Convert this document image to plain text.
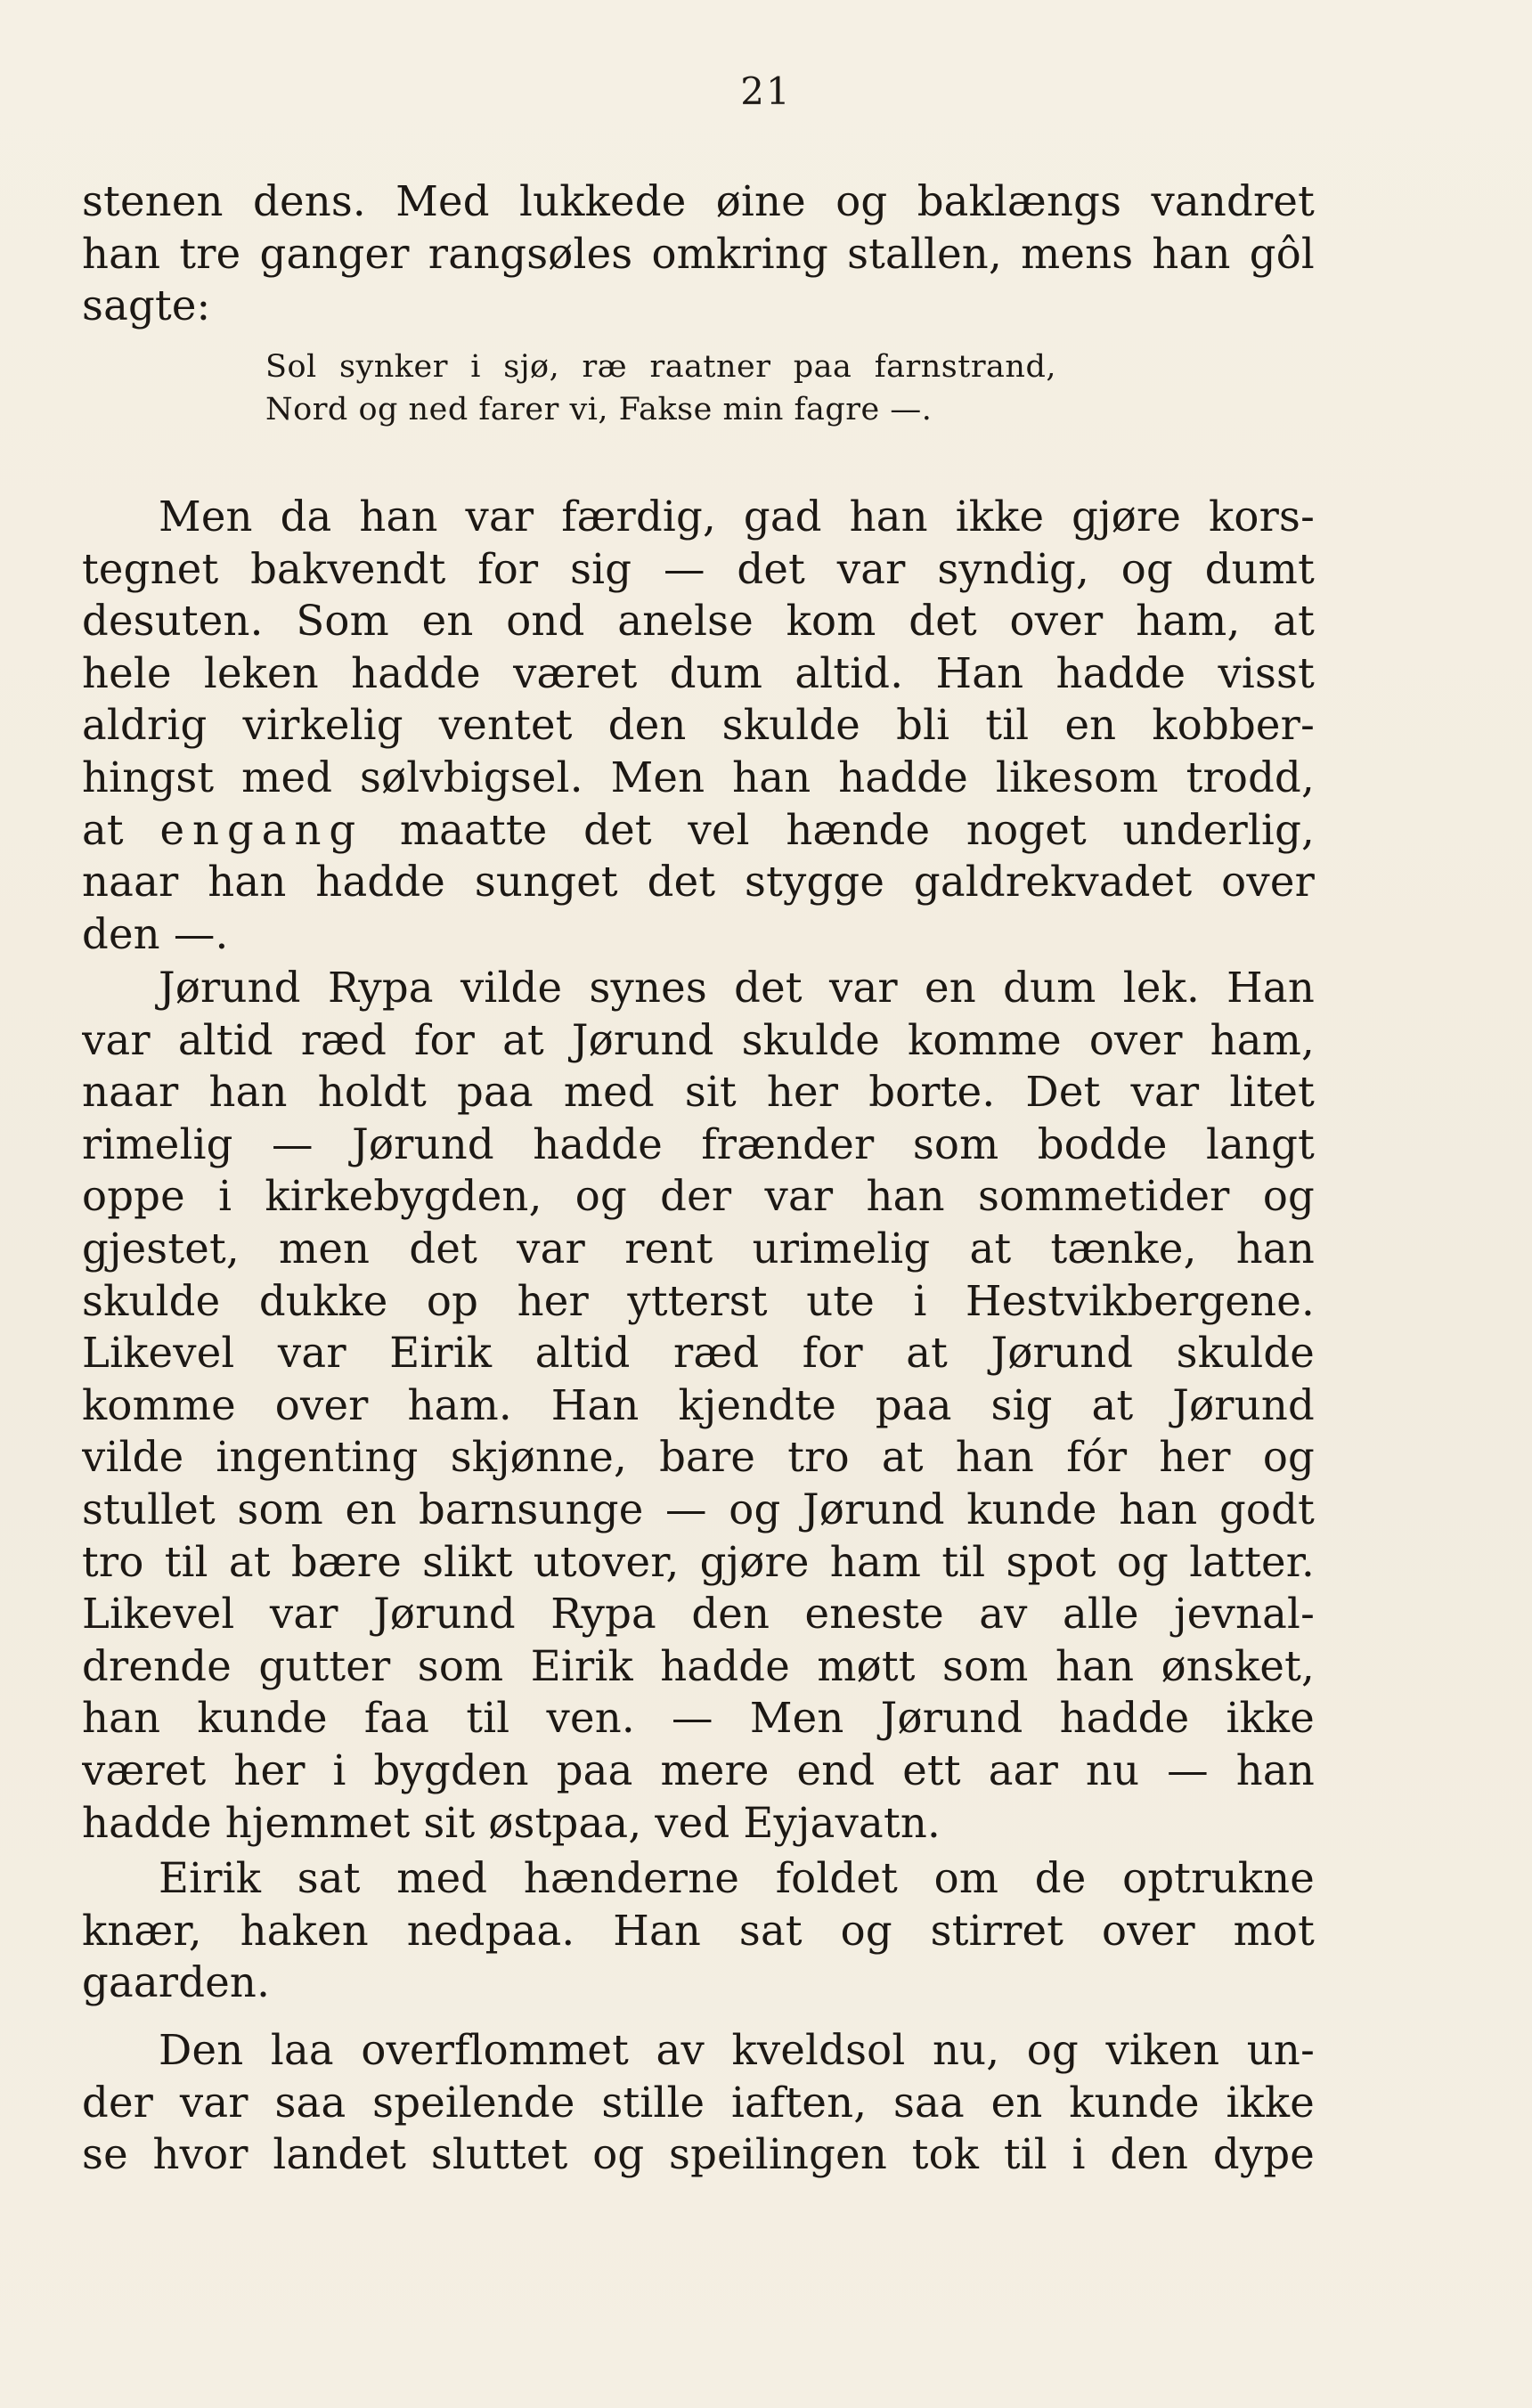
21
stenen dens. Med lukkede øine og baklængs vandret
han tre ganger rangsøles omkring stallen, mens han gôl
sagte:
Sol synker i sjø, ræ raatner paa farnstrand,
Nord og ned farer vi, Fakse min fagre —.
Men da han var færdig, gad han ikke gjøre kors-
tegnet bakvendt for sig — det var syndig, og dumt
desuten. Som en ond anelse kom det over ham, at
hele leken hadde været dum altid. Han hadde visst
aldrig virkelig ventet den skulde bli til en kobber-
hingst med sølvbigsel. Men han hadde likesom trodd,
at engang maatte det vel hænde noget underlig,
naar han hadde sunget det stygge galdrekvadet over
den —.
Jørund Rypa vilde synes det var en dum lek. Han
var altid ræd for at Jørund skulde komme over ham,
naar han holdt paa med sit her borte. Det var litet
rimelig — Jørund hadde frænder som bodde langt
oppe i kirkebygden, og der var han sommetider og
gjestet, men det var rent urimelig at tænke, han
skulde dukke op her ytterst ute i Hestvikbergene.
Likevel var Eirik altid ræd for at Jørund skulde
komme over ham. Han kjendte paa sig at Jørund
vilde ingenting skjønne, bare tro at han fór her og
stullet som en barnsunge — og Jørund kunde han godt
tro til at bære slikt utover, gjøre ham til spot og latter.
Likevel var Jørund Rypa den eneste av alle jevnal-
drende gutter som Eirik hadde møtt som han ønsket,
han kunde faa til ven. — Men Jørund hadde ikke
været her i bygden paa mere end ett aar nu — han
hadde hjemmet sit østpaa, ved Eyjavatn.
Eirik sat med hænderne foldet om de optrukne
knær, haken nedpaa. Han sat og stirret over mot
gaarden.
Den laa overflommet av kveldsol nu, og viken un-
der var saa speilende stille iaften, saa en kunde ikke
se hvor landet sluttet og speilingen tok til i den dype
